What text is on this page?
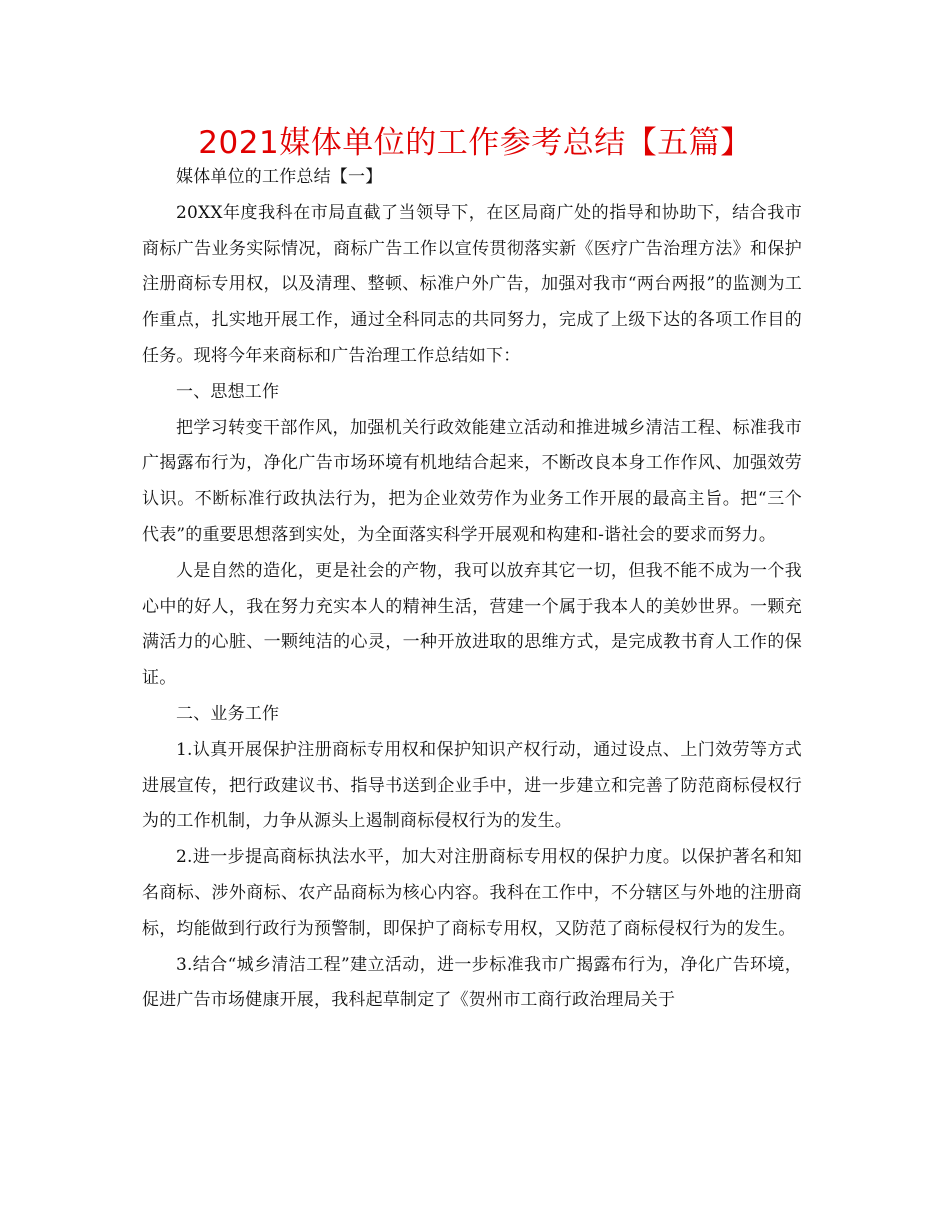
2021媒体单位的工作参考总结【五篇】

媒体单位的工作总结【一】

20XX年度我科在市局直截了当领导下，在区局商广处的指导和协助下，结合我市商标广告业务实际情况，商标广告工作以宣传贯彻落实新《医疗广告治理方法》和保护注册商标专用权，以及清理、整顿、标准户外广告，加强对我市“两台两报”的监测为工作重点，扎实地开展工作，通过全科同志的共同努力，完成了上级下达的各项工作目的任务。现将今年来商标和广告治理工作总结如下：

一、思想工作

把学习转变干部作风，加强机关行政效能建立活动和推进城乡清洁工程、标准我市广揭露布行为，净化广告市场环境有机地结合起来，不断改良本身工作作风、加强效劳认识。不断标准行政执法行为，把为企业效劳作为业务工作开展的最高主旨。把“三个代表”的重要思想落到实处，为全面落实科学开展观和构建和-谐社会的要求而努力。

人是自然的造化，更是社会的产物，我可以放弃其它一切，但我不能不成为一个我心中的好人，我在努力充实本人的精神生活，营建一个属于我本人的美妙世界。一颗充满活力的心脏、一颗纯洁的心灵，一种开放进取的思维方式，是完成教书育人工作的保证。

二、业务工作

1.认真开展保护注册商标专用权和保护知识产权行动，通过设点、上门效劳等方式进展宣传，把行政建议书、指导书送到企业手中，进一步建立和完善了防范商标侵权行为的工作机制，力争从源头上遏制商标侵权行为的发生。

2.进一步提高商标执法水平，加大对注册商标专用权的保护力度。以保护著名和知名商标、涉外商标、农产品商标为核心内容。我科在工作中，不分辖区与外地的注册商标，均能做到行政行为预警制，即保护了商标专用权，又防范了商标侵权行为的发生。

3.结合“城乡清洁工程”建立活动，进一步标准我市广揭露布行为，净化广告环境，促进广告市场健康开展，我科起草制定了《贺州市工商行政治理局关于
